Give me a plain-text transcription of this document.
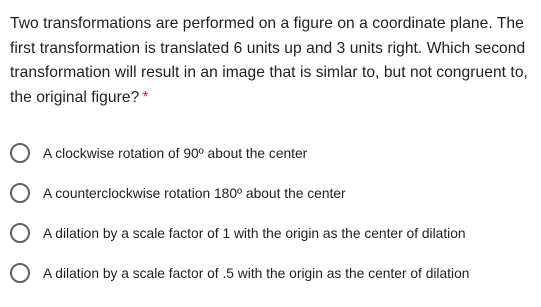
Two transformations are performed on a figure on a coordinate plane. The first transformation is translated 6 units up and 3 units right. Which second transformation will result in an image that is simlar to, but not congruent to, the original figure? *
A clockwise rotation of 90º about the center
A counterclockwise rotation 180º about the center
A dilation by a scale factor of 1 with the origin as the center of dilation
A dilation by a scale factor of .5 with the origin as the center of dilation
